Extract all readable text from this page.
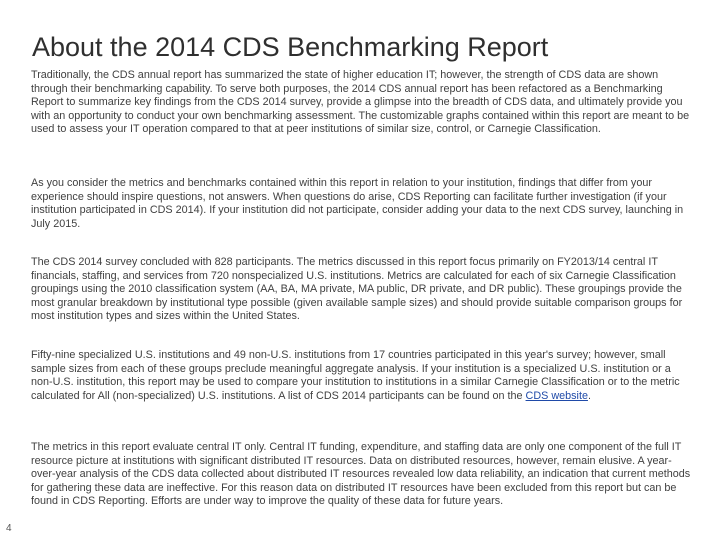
About the 2014 CDS Benchmarking Report

Traditionally, the CDS annual report has summarized the state of higher education IT; however, the strength of CDS data are shown through their benchmarking capability. To serve both purposes, the 2014 CDS annual report has been refactored as a Benchmarking Report to summarize key findings from the CDS 2014 survey, provide a glimpse into the breadth of CDS data, and ultimately provide you with an opportunity to conduct your own benchmarking assessment. The customizable graphs contained within this report are meant to be used to assess your IT operation compared to that at peer institutions of similar size, control, or Carnegie Classification.

As you consider the metrics and benchmarks contained within this report in relation to your institution, findings that differ from your experience should inspire questions, not answers. When questions do arise, CDS Reporting can facilitate further investigation (if your institution participated in CDS 2014). If your institution did not participate, consider adding your data to the next CDS survey, launching in July 2015.

The CDS 2014 survey concluded with 828 participants. The metrics discussed in this report focus primarily on FY2013/14 central IT financials, staffing, and services from 720 nonspecialized U.S. institutions. Metrics are calculated for each of six Carnegie Classification groupings using the 2010 classification system (AA, BA, MA private, MA public, DR private, and DR public). These groupings provide the most granular breakdown by institutional type possible (given available sample sizes) and should provide suitable comparison groups for most institution types and sizes within the United States.

Fifty-nine specialized U.S. institutions and 49 non-U.S. institutions from 17 countries participated in this year's survey; however, small sample sizes from each of these groups preclude meaningful aggregate analysis. If your institution is a specialized U.S. institution or a non-U.S. institution, this report may be used to compare your institution to institutions in a similar Carnegie Classification or to the metric calculated for All (non-specialized) U.S. institutions. A list of CDS 2014 participants can be found on the CDS website.

The metrics in this report evaluate central IT only. Central IT funding, expenditure, and staffing data are only one component of the full IT resource picture at institutions with significant distributed IT resources. Data on distributed resources, however, remain elusive. A year-over-year analysis of the CDS data collected about distributed IT resources revealed low data reliability, an indication that current methods for gathering these data are ineffective. For this reason data on distributed IT resources have been excluded from this report but can be found in CDS Reporting. Efforts are under way to improve the quality of these data for future years.

4
